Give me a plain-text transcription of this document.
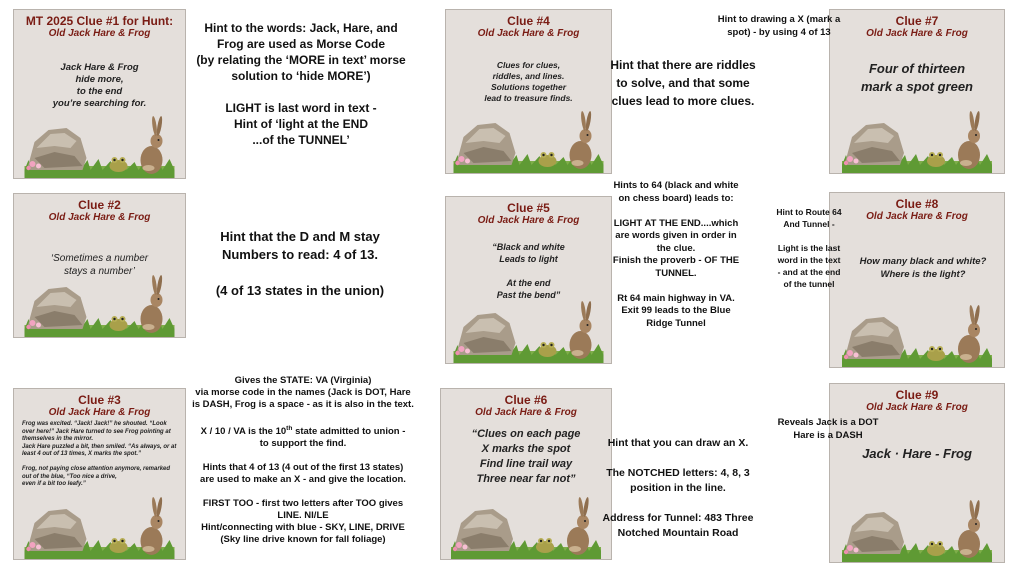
MT 2025 Clue #1 for Hunt:
Old Jack Hare & Frog
Jack Hare & Frog
hide more,
to the end
you’re searching for.
Hint to the words: Jack, Hare, and
Frog are used as Morse Code
(by relating the ‘MORE in text’ morse
solution to ‘hide MORE’)

LIGHT is last word in text -
Hint of ‘light at the END
...of the TUNNEL’
Clue #2
Old Jack Hare & Frog
‘Sometimes a number
stays a number’
Hint that the D and M stay
Numbers to read: 4 of 13.

(4 of 13 states in the union)
Clue #3
Old Jack Hare & Frog
Frog was excited. “Jack! Jack!” he shouted. “Look over here!” Jack Hare turned to see Frog pointing at themselves in the mirror.
Jack Hare puzzled a bit, then smiled. “As always, or at least 4 out of 13 times, X marks the spot.”

Frog, not paying close attention anymore, remarked out of the blue, “Too nice a drive,
even if a bit too leafy.”
Gives the STATE: VA (Virginia)
via morse code in the names (Jack is DOT, Hare
is DASH, Frog is a space - as it is also in the text.

X / 10 / VA is the 10th state admitted to union -
to support the find.

Hints that 4 of 13 (4 out of the first 13 states)
are used to make an X - and give the location.

FIRST TOO - first two letters after TOO gives
LINE. NI/LE
Hint/connecting with blue - SKY, LINE, DRIVE
(Sky line drive known for fall foliage)
Clue #4
Old Jack Hare & Frog
Clues for clues,
riddles, and lines.
Solutions together
lead to treasure finds.
Hint that there are riddles
to solve, and that some
clues lead to more clues.
Clue #5
Old Jack Hare & Frog
“Black and white
Leads to light

At the end
Past the bend”
Hints to 64 (black and white
on chess board) leads to:

LIGHT AT THE END....which
are words given in order in
the clue.
Finish the proverb - OF THE
TUNNEL.

Rt 64 main highway in VA.
Exit 99 leads to the Blue
Ridge Tunnel
Clue #6
Old Jack Hare & Frog
“Clues on each page
X marks the spot
Find line trail way
Three near far not”
Hint that you can draw an X.

The NOTCHED letters: 4, 8, 3
position in the line.

Address for Tunnel: 483 Three
Notched Mountain Road
Clue #7
Old Jack Hare & Frog
Four of thirteen
mark a spot green
Hint to drawing a X (mark a
spot) - by using 4 of 13
Clue #8
Old Jack Hare & Frog
How many black and white?
Where is the light?
Hint to Route 64
And Tunnel -

Light is the last
word in the text
- and at the end
of the tunnel
Clue #9
Old Jack Hare & Frog
Jack · Hare - Frog
Reveals Jack is a DOT
Hare is a DASH
